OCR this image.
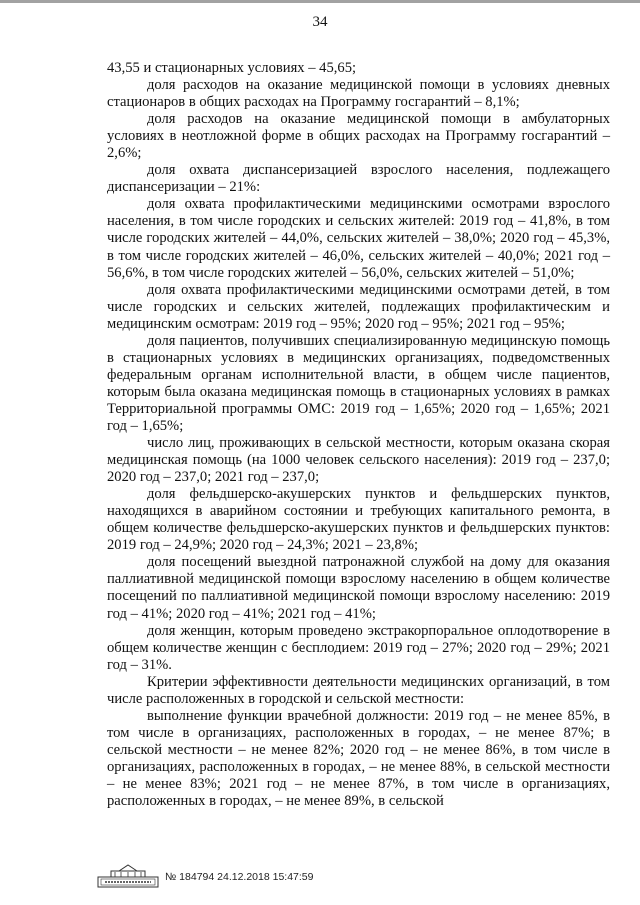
34

43,55 и стационарных условиях – 45,65;

доля расходов на оказание медицинской помощи в условиях дневных стационаров в общих расходах на Программу госгарантий – 8,1%;

доля расходов на оказание медицинской помощи в амбулаторных условиях в неотложной форме в общих расходах на Программу госгарантий – 2,6%;

доля охвата диспансеризацией взрослого населения, подлежащего диспансеризации – 21%:

доля охвата профилактическими медицинскими осмотрами взрослого населения, в том числе городских и сельских жителей: 2019 год – 41,8%, в том числе городских жителей – 44,0%, сельских жителей – 38,0%; 2020 год – 45,3%, в том числе городских жителей – 46,0%, сельских жителей – 40,0%; 2021 год – 56,6%, в том числе городских жителей – 56,0%, сельских жителей – 51,0%;

доля охвата профилактическими медицинскими осмотрами детей, в том числе городских и сельских жителей, подлежащих профилактическим и медицинским осмотрам: 2019 год – 95%; 2020 год – 95%; 2021 год – 95%;

доля пациентов, получивших специализированную медицинскую помощь в стационарных условиях в медицинских организациях, подведомственных федеральным органам исполнительной власти, в общем числе пациентов, которым была оказана медицинская помощь в стационарных условиях в рамках Территориальной программы ОМС: 2019 год – 1,65%; 2020 год – 1,65%; 2021 год – 1,65%;

число лиц, проживающих в сельской местности, которым оказана скорая медицинская помощь (на 1000 человек сельского населения): 2019 год – 237,0; 2020 год – 237,0; 2021 год – 237,0;

доля фельдшерско-акушерских пунктов и фельдшерских пунктов, находящихся в аварийном состоянии и требующих капитального ремонта, в общем количестве фельдшерско-акушерских пунктов и фельдшерских пунктов: 2019 год – 24,9%; 2020 год – 24,3%; 2021 – 23,8%;

доля посещений выездной патронажной службой на дому для оказания паллиативной медицинской помощи взрослому населению в общем количестве посещений по паллиативной медицинской помощи взрослому населению: 2019 год – 41%; 2020 год – 41%; 2021 год – 41%;

доля женщин, которым проведено экстракорпоральное оплодотворение в общем количестве женщин с бесплодием: 2019 год – 27%; 2020 год – 29%; 2021 год – 31%.

Критерии эффективности деятельности медицинских организаций, в том числе расположенных в городской и сельской местности:

выполнение функции врачебной должности: 2019 год – не менее 85%, в том числе в организациях, расположенных в городах, – не менее 87%; в сельской местности – не менее 82%; 2020 год – не менее 86%, в том числе в организациях, расположенных в городах, – не менее 88%, в сельской местности – не менее 83%; 2021 год – не менее 87%, в том числе в организациях, расположенных в городах, – не менее 89%, в сельской

№ 184794 24.12.2018 15:47:59
